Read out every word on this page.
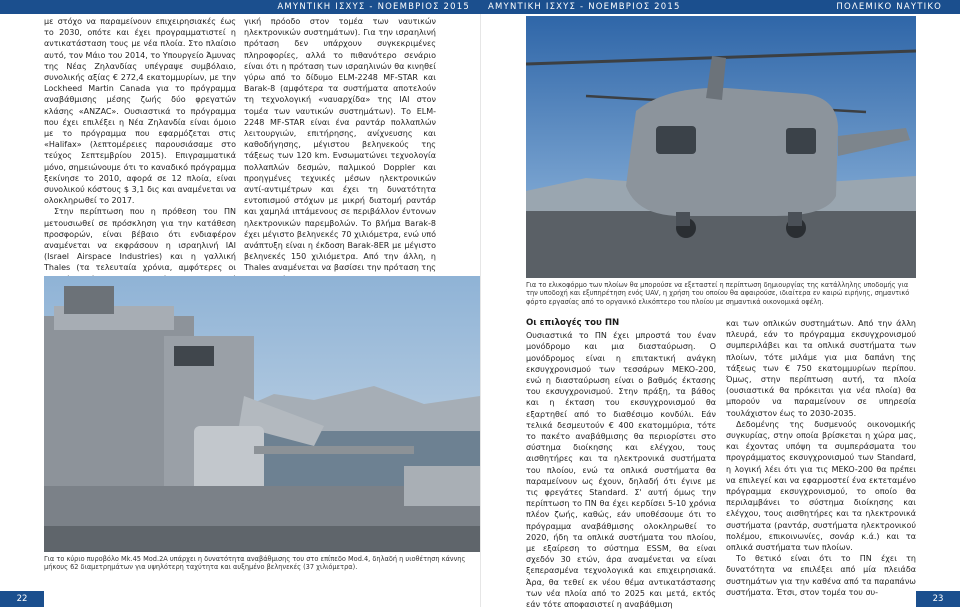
ΑΜΥΝΤΙΚΗ ΙΣΧΥΣ - ΝΟΕΜΒΡΙΟΣ 2015 ΑΜΥΝΤΙΚΗ ΙΣΧΥΣ - ΝΟΕΜΒΡΙΟΣ 2015	ΠΟΛΕΜΙΚΟ ΝΑΥΤΙΚΟ

με στόχο να παραμείνουν επιχειρησιακές έως το 2030, οπότε και έχει προγραμματιστεί η αντικατάσταση τους με νέα πλοία. Στο πλαίσιο αυτό, τον Μάιο του 2014, το Υπουργείο Άμυνας της Νέας Ζηλανδίας υπέγραψε συμβόλαιο, συνολικής αξίας € 272,4 εκατομμυρίων, με την Lockheed Martin Canada για το πρόγραμμα αναβάθμισης μέσης ζωής δύο φρεγατών κλάσης «ANZAC». Ουσιαστικά το πρόγραμμα που έχει επιλέξει η Νέα Ζηλανδία είναι όμοιο με το πρόγραμμα που εφαρμόζεται στις «Halifax» (λεπτομέρειες παρουσιάσαμε στο τεύχος Σεπτεμβρίου 2015). Επιγραμματικά μόνο, σημειώνουμε ότι το καναδικό πρόγραμμα ξεκίνησε το 2010, αφορά σε 12 πλοία, είναι συνολικού κόστους $ 3,1 δις και αναμένεται να ολοκληρωθεί το 2017.

Στην περίπτωση που η πρόθεση του ΠΝ μετουσιωθεί σε πρόσκληση για την κατάθεση προσφορών, είναι βέβαιο ότι ενδιαφέρον αναμένεται να εκφράσουν η ισραηλινή IAI (Israel Airspace Industries) και η γαλλική Thales (τα τελευταία χρόνια, αμφότερες οι

γική πρόοδο στον τομέα των ναυτικών ηλεκτρονικών συστημάτων). Για την ισραηλινή πρόταση δεν υπάρχουν συγκεκριμένες πληροφορίες, αλλά το πιθανότερο σενάριο είναι ότι η πρόταση των ισραηλινών θα κινηθεί γύρω από το δίδυμο ELM-2248 MF-STAR και Barak-8 (αμφότερα τα συστήματα αποτελούν τη τεχνολογική «ναυαρχίδα» της IAI στον τομέα των ναυτικών συστημάτων). Το ELM-2248 MF-STAR είναι ένα ραντάρ πολλαπλών λειτουργιών, επιτήρησης, ανίχνευσης και καθοδήγησης, μέγιστου βεληνεκούς της τάξεως των 120 km. Ενσωματώνει τεχνολογία πολλαπλών δεσμών, παλμικού Doppler και προηγμένες τεχνικές μέσων ηλεκτρονικών αντί-αντιμέτρων και έχει τη δυνατότητα εντοπισμού στόχων με μικρή διατομή ραντάρ και χαμηλά ιπτάμενους σε περιβάλλον έντονων ηλεκτρονικών παρεμβολών. Το βλήμα Barak-8 έχει μέγιστο βεληνεκές 70 χιλιόμετρα, ενώ υπό ανάπτυξη είναι η έκδοση Barak-8ER με μέγιστο βεληνεκές 150 χιλιόμετρα. Από την άλλη, η Thales αναμένεται να βασίσει την πρόταση της

Για το κύριο πυροβόλο Mk.45 Mod.2A υπάρχει η δυνατότητα αναβάθμισης του στο επίπεδο Mod.4, δηλαδή η υιοθέτηση κάννης μήκους 62 διαμετρημάτων για υψηλότερη ταχύτητα και αυξημένο βεληνεκές (37 χιλιόμετρα).
Για το ελικοφόρμο των πλοίων θα μπορούσε να εξεταστεί η περίπτωση δημιουργίας της κατάλληλης υποδομής για την υποδοχή και εξυπηρέτηση ενός UAV, η χρήση του οποίου θα αφαιρούσε, ιδιαίτερα εν καιρώ ειρήνης, σημαντικό φόρτο εργασίας από το οργανικό ελικόπτερο του πλοίου με σημαντικά οικονομικά οφέλη.
Οι επιλογές του ΠΝ

Ουσιαστικά το ΠΝ έχει μπροστά του έναν μονόδρομο και μια διασταύρωση. Ο μονόδρομος είναι η επιτακτική ανάγκη εκσυγχρονισμού των τεσσάρων MEKO-200, ενώ η διασταύρωση είναι ο βαθμός έκτασης του εκσυγχρονισμού. Στην πράξη, τα βάθος και η έκταση του εκσυγχρονισμού θα εξαρτηθεί από το διαθέσιμο κονδύλι. Εάν τελικά δεσμευτούν € 400 εκατομμύρια, τότε το πακέτο αναβάθμισης θα περιορίστει στο σύστημα διοίκησης και ελέγχου, τους αισθητήρες και τα ηλεκτρονικά συστήματα του πλοίου, ενώ τα οπλικά συστήματα θα παραμείνουν ως έχουν, δηλαδή ότι έγινε με τις φρεγάτες Standard. Σ' αυτή όμως την περίπτωση το ΠΝ θα έχει κερδίσει 5-10 χρόνια πλέον ζωής, καθώς, εάν υποθέσουμε ότι το πρόγραμμα αναβάθμισης ολοκληρωθεί το 2020, ήδη τα οπλικά συστήματα του πλοίου, με εξαίρεση το σύστημα ESSM, θα είναι σχεδόν 30 ετών, άρα αναμένεται να είναι ξεπερασμένα τεχνολογικά και επιχειρησιακά. Άρα, θα τεθεί εκ νέου θέμα αντικατάστασης των νέα πλοία από το 2025 και μετά, εκτός εάν τότε αποφασιστεί η αναβάθμιση

και των οπλικών συστημάτων. Από την άλλη πλευρά, εάν το πρόγραμμα εκσυγχρονισμού συμπεριλάβει και τα οπλικά συστήματα των πλοίων, τότε μιλάμε για μια δαπάνη της τάξεως των € 750 εκατομμυρίων περίπου. Όμως, στην περίπτωση αυτή, τα πλοία (ουσιαστικά θα πρόκειται για νέα πλοία) θα μπορούν να παραμείνουν σε υπηρεσία τουλάχιστον έως το 2030-2035.

Δεδομένης της δυσμενούς οικονομικής συγκυρίας, στην οποία βρίσκεται η χώρα μας, και έχοντας υπόψη τα συμπεράσματα του προγράμματος εκσυγχρονισμού των Standard, η λογική λέει ότι για τις MEKO-200 θα πρέπει να επιλεγεί και να εφαρμοστεί ένα εκτεταμένο πρόγραμμα εκσυγχρονισμού, το οποίο θα περιλαμβάνει το σύστημα διοίκησης και ελέγχου, τους αισθητήρες και τα ηλεκτρονικά συστήματα (ραντάρ, συστήματα ηλεκτρονικού πολέμου, επικοινωνίες, σονάρ κ.ά.) και τα οπλικά συστήματα των πλοίων.

Το θετικό είναι ότι το ΠΝ έχει τη δυνατότητα να επιλέξει από μία πλειάδα συστημάτων για την καθένα από τα παραπάνω συστήματα. Έτσι, στον τομέα του συ-

22	23
